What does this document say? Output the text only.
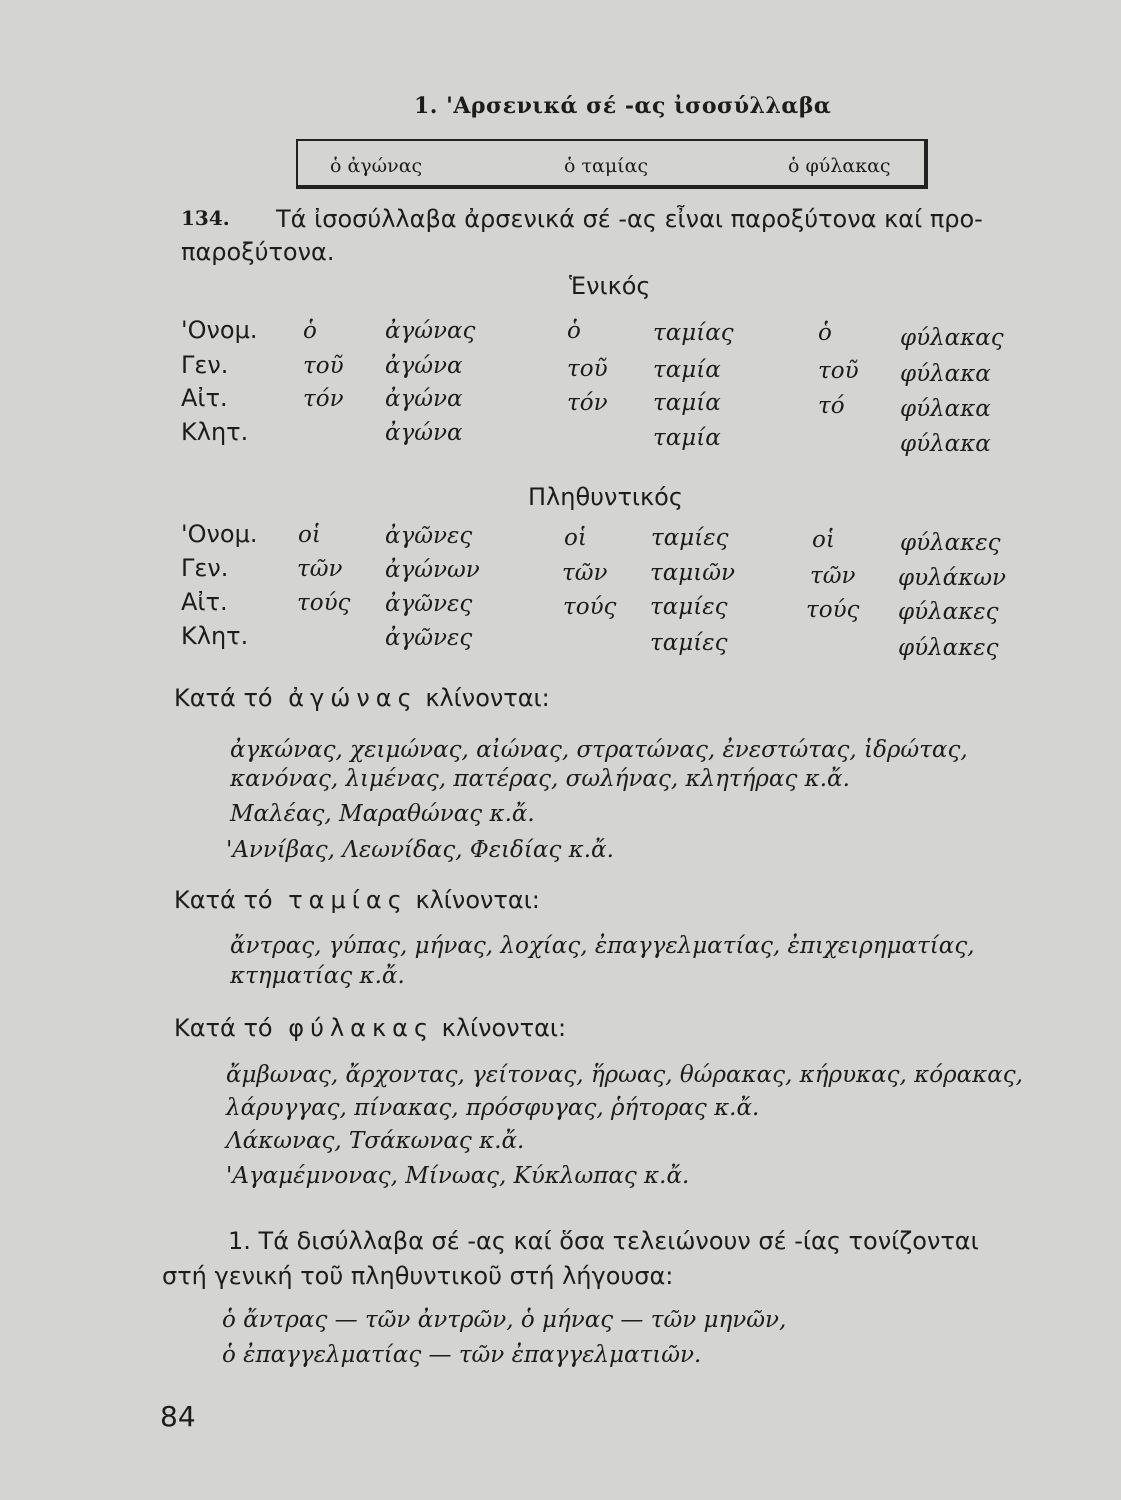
1. 'Αρσενικά σέ -ας ἰσοσύλλαβα
ὁ ἀγώνας	ὁ ταμίας	ὁ φύλακας
134. Τά ἰσοσύλλαβα ἀρσενικά σέ -ας εἶναι παροξύτονα καί προ-
παροξύτονα.
Ἑνικός
'Ονομ. ὁ	ἀγώνας	ὁ	ταμίας	ὁ	φύλακας
Γεν.	τοῦ ἀγώνα	τοῦ ταμία	τοῦ φύλακα
Αἰτ.	τόν ἀγώνα	τόν ταμία	τό φύλακα
Κλητ.	ἀγώνα	ταμία	φύλακα
Πληθυντικός
'Ονομ. οἱ	ἀγῶνες	οἱ	ταμίες	οἱ	φύλακες
Γεν.	τῶν ἀγώνων	τῶν ταμιῶν	τῶν φυλάκων
Αἰτ.	τούς ἀγῶνες	τούς ταμίες	τούς φύλακες
Κλητ.	ἀγῶνες	ταμίες	φύλακες
Κατά τό ἀγώνας κλίνονται:
ἀγκώνας, χειμώνας, αἰώνας, στρατώνας, ἐνεστώτας, ἱδρώτας,
κανόνας, λιμένας, πατέρας, σωλήνας, κλητήρας κ.ἄ.
Μαλέας, Μαραθώνας κ.ἄ.
'Αννίβας, Λεωνίδας, Φειδίας κ.ἄ.
Κατά τό ταμίας κλίνονται:
ἄντρας, γύπας, μήνας, λοχίας, ἐπαγγελματίας, ἐπιχειρηματίας,
κτηματίας κ.ἄ.
Κατά τό φύλακας κλίνονται:
ἄμβωνας, ἄρχοντας, γείτονας, ἥρωας, θώρακας, κήρυκας, κόρακας,
λάρυγγας, πίνακας, πρόσφυγας, ῥήτορας κ.ἄ.
Λάκωνας, Τσάκωνας κ.ἄ.
'Αγαμέμνονας, Μίνωας, Κύκλωπας κ.ἄ.
1. Τά δισύλλαβα σέ -ας καί ὅσα τελειώνουν σέ -ίας τονίζονται
στή γενική τοῦ πληθυντικοῦ στή λήγουσα:
ὁ ἄντρας — τῶν ἀντρῶν, ὁ μήνας — τῶν μηνῶν,
ὁ ἐπαγγελματίας — τῶν ἐπαγγελματιῶν.
84
